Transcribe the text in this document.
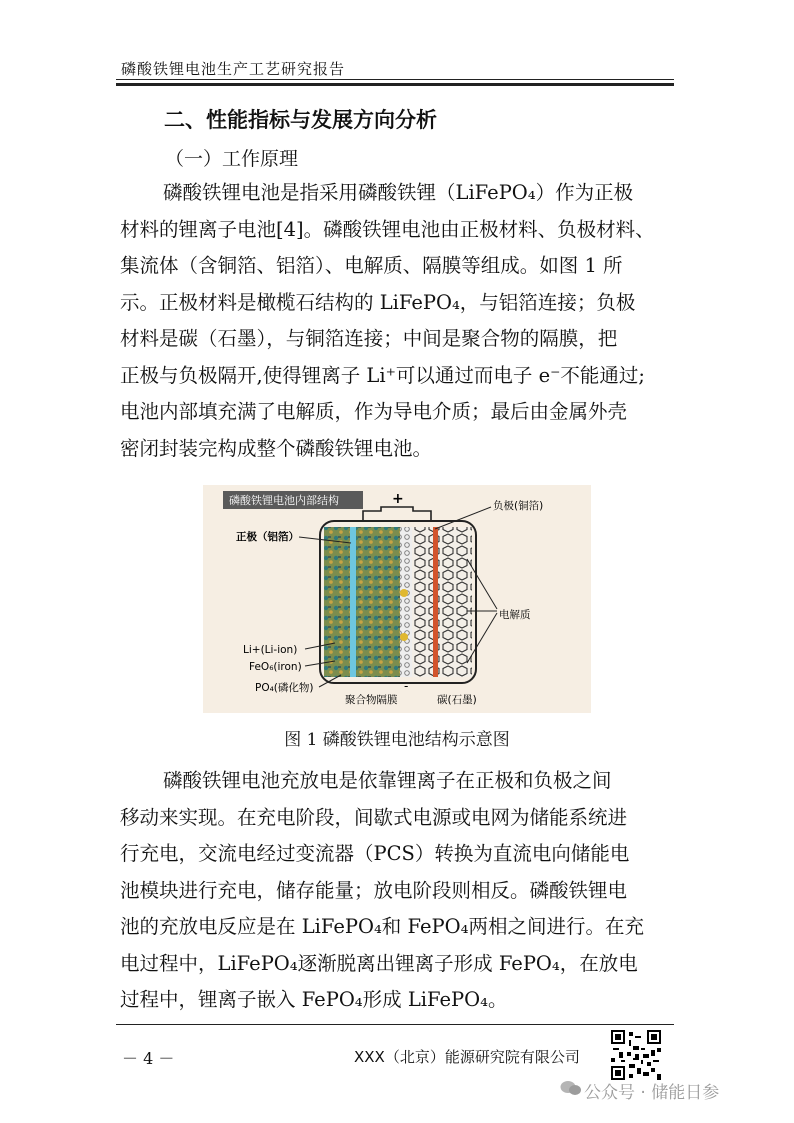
磷酸铁锂电池生产工艺研究报告
二、性能指标与发展方向分析
（一）工作原理
磷酸铁锂电池是指采用磷酸铁锂（LiFePO₄）作为正极
材料的锂离子电池[4]。磷酸铁锂电池由正极材料、负极材料、
集流体（含铜箔、铝箔）、电解质、隔膜等组成。如图 1 所
示。正极材料是橄榄石结构的 LiFePO₄，与铝箔连接；负极
材料是碳（石墨），与铜箔连接；中间是聚合物的隔膜，把
正极与负极隔开,使得锂离子 Li⁺可以通过而电子 e⁻不能通过;
电池内部填充满了电解质，作为导电介质；最后由金属外壳
密闭封装完构成整个磷酸铁锂电池。
磷酸铁锂电池内部结构	+
-
正极（铝箔）
Li+(Li-ion)
FeO₆(iron)
PO₄(磷化物)
聚合物隔膜	碳(石墨)
负极(铜箔)
电解质
图 1 磷酸铁锂电池结构示意图
磷酸铁锂电池充放电是依靠锂离子在正极和负极之间
移动来实现。在充电阶段，间歇式电源或电网为储能系统进
行充电，交流电经过变流器（PCS）转换为直流电向储能电
池模块进行充电，储存能量；放电阶段则相反。磷酸铁锂电
池的充放电反应是在 LiFePO₄和 FePO₄两相之间进行。在充
电过程中，LiFePO₄逐渐脱离出锂离子形成 FePO₄，在放电
过程中，锂离子嵌入 FePO₄形成 LiFePO₄。
－ 4 －	XXX（北京）能源研究院有限公司
公众号 · 储能日参
